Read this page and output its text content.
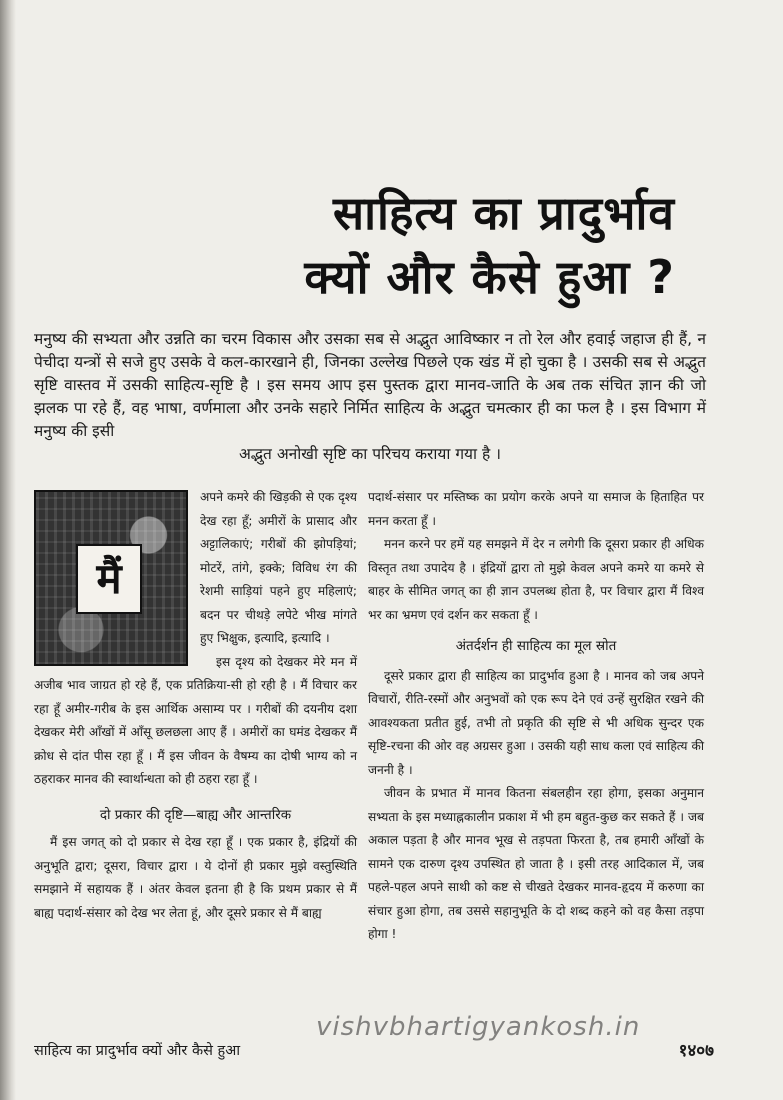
साहित्य का प्रादुर्भाव
क्यों और कैसे हुआ ?
मनुष्य की सभ्यता और उन्नति का चरम विकास और उसका सब से अद्भुत आविष्कार न तो रेल और हवाई जहाज ही हैं, न पेचीदा यन्त्रों से सजे हुए उसके वे कल-कारखाने ही, जिनका उल्लेख पिछले एक खंड में हो चुका है । उसकी सब से अद्भुत सृष्टि वास्तव में उसकी साहित्य-सृष्टि है । इस समय आप इस पुस्तक द्वारा मानव-जाति के अब तक संचित ज्ञान की जो झलक पा रहे हैं, वह भाषा, वर्णमाला और उनके सहारे निर्मित साहित्य के अद्भुत चमत्कार ही का फल है । इस विभाग में मनुष्य की इसी
अद्भुत अनोखी सृष्टि का परिचय कराया गया है ।
मैं

अपने कमरे की खिड़की से एक दृश्य देख रहा हूँ; अमीरों के प्रासाद और अट्टालिकाएं; गरीबों की झोपड़ियां; मोटरें, तांगे, इक्के; विविध रंग की रेशमी साड़ियां पहने हुए महिलाएं; बदन पर चीथड़े लपेटे भीख मांगते हुए भिक्षुक, इत्यादि, इत्यादि ।

इस दृश्य को देखकर मेरे मन में अजीब भाव जाग्रत हो रहे हैं, एक प्रतिक्रिया-सी हो रही है । मैं विचार कर रहा हूँ अमीर-गरीब के इस आर्थिक असाम्य पर । गरीबों की दयनीय दशा देखकर मेरी आँखों में आँसू छलछला आए हैं । अमीरों का घमंड देखकर मैं क्रोध से दांत पीस रहा हूँ । मैं इस जीवन के वैषम्य का दोषी भाग्य को न ठहराकर मानव की स्वार्थान्धता को ही ठहरा रहा हूँ ।

दो प्रकार की दृष्टि—बाह्य और आन्तरिक

मैं इस जगत् को दो प्रकार से देख रहा हूँ । एक प्रकार है, इंद्रियों की अनुभूति द्वारा; दूसरा, विचार द्वारा । ये दोनों ही प्रकार मुझे वस्तुस्थिति समझाने में सहायक हैं । अंतर केवल इतना ही है कि प्रथम प्रकार से मैं बाह्य पदार्थ-संसार को देख भर लेता हूं, और दूसरे प्रकार से मैं बाह्य

पदार्थ-संसार पर मस्तिष्क का प्रयोग करके अपने या समाज के हिताहित पर मनन करता हूँ ।

मनन करने पर हमें यह समझने में देर न लगेगी कि दूसरा प्रकार ही अधिक विस्तृत तथा उपादेय है । इंद्रियों द्वारा तो मुझे केवल अपने कमरे या कमरे से बाहर के सीमित जगत् का ही ज्ञान उपलब्ध होता है, पर विचार द्वारा मैं विश्व भर का भ्रमण एवं दर्शन कर सकता हूँ ।

अंतर्दर्शन ही साहित्य का मूल स्रोत

दूसरे प्रकार द्वारा ही साहित्य का प्रादुर्भाव हुआ है । मानव को जब अपने विचारों, रीति-रस्मों और अनुभवों को एक रूप देने एवं उन्हें सुरक्षित रखने की आवश्यकता प्रतीत हुई, तभी तो प्रकृति की सृष्टि से भी अधिक सुन्दर एक सृष्टि-रचना की ओर वह अग्रसर हुआ । उसकी यही साध कला एवं साहित्य की जननी है ।

जीवन के प्रभात में मानव कितना संबलहीन रहा होगा, इसका अनुमान सभ्यता के इस मध्याह्नकालीन प्रकाश में भी हम बहुत-कुछ कर सकते हैं । जब अकाल पड़ता है और मानव भूख से तड़पता फिरता है, तब हमारी आँखों के सामने एक दारुण दृश्य उपस्थित हो जाता है । इसी तरह आदिकाल में, जब पहले-पहल अपने साथी को कष्ट से चीखते देखकर मानव-हृदय में करुणा का संचार हुआ होगा, तब उससे सहानुभूति के दो शब्द कहने को वह कैसा तड़पा होगा !

साहित्य का प्रादुर्भाव क्यों और कैसे हुआ	१४०७
vishvbhartigyankosh.in
